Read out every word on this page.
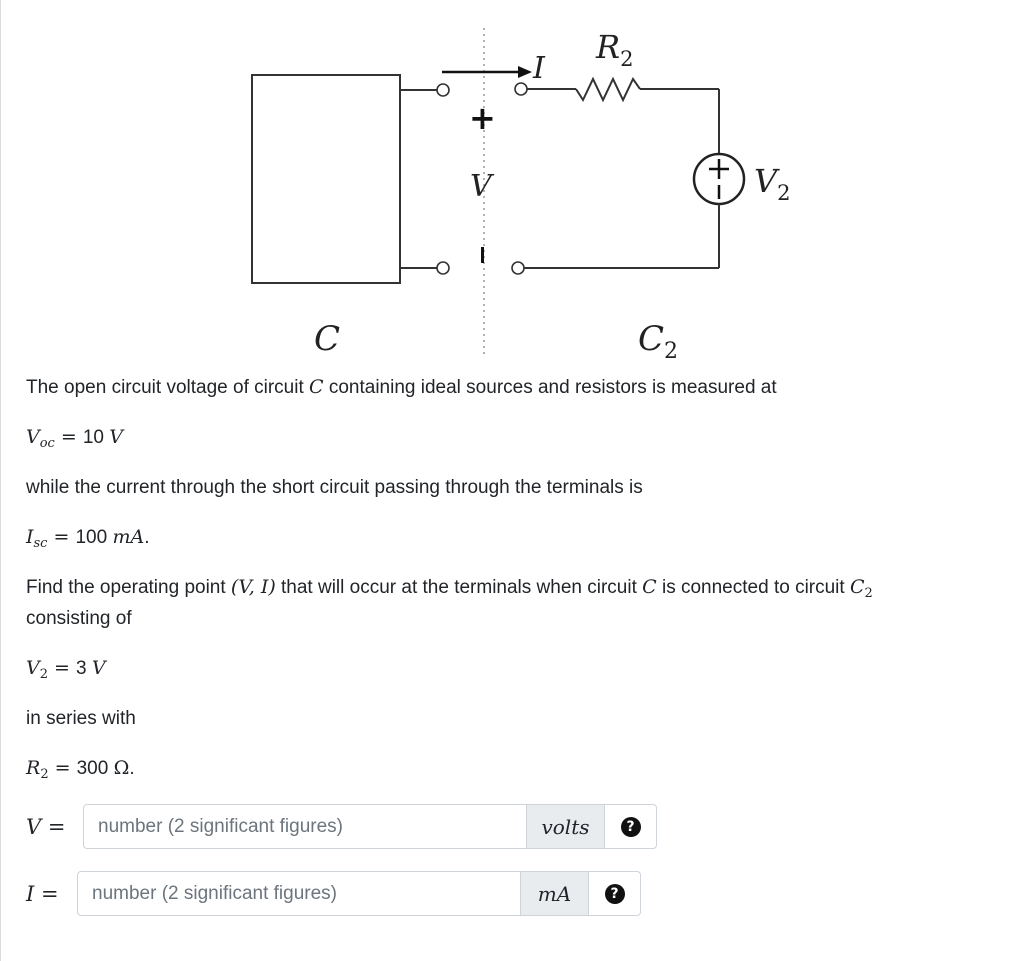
I
$R_2$
$V_2$
+
V
C	$C_2$
The open circuit voltage of circuit C containing ideal sources and resistors is measured at
$V_{oc} = 10$ V
while the current through the short circuit passing through the terminals is
$I_{sc} = 100$ mA.
Find the operating point (V, I) that will occur at the terminals when circuit C is connected to circuit $C_2$
consisting of
$V_2 = 3$ V
in series with
$R_2 = 300$ Ω.
V =
number (2 significant figures)	volts	?
I =
number (2 significant figures)	mA	?
